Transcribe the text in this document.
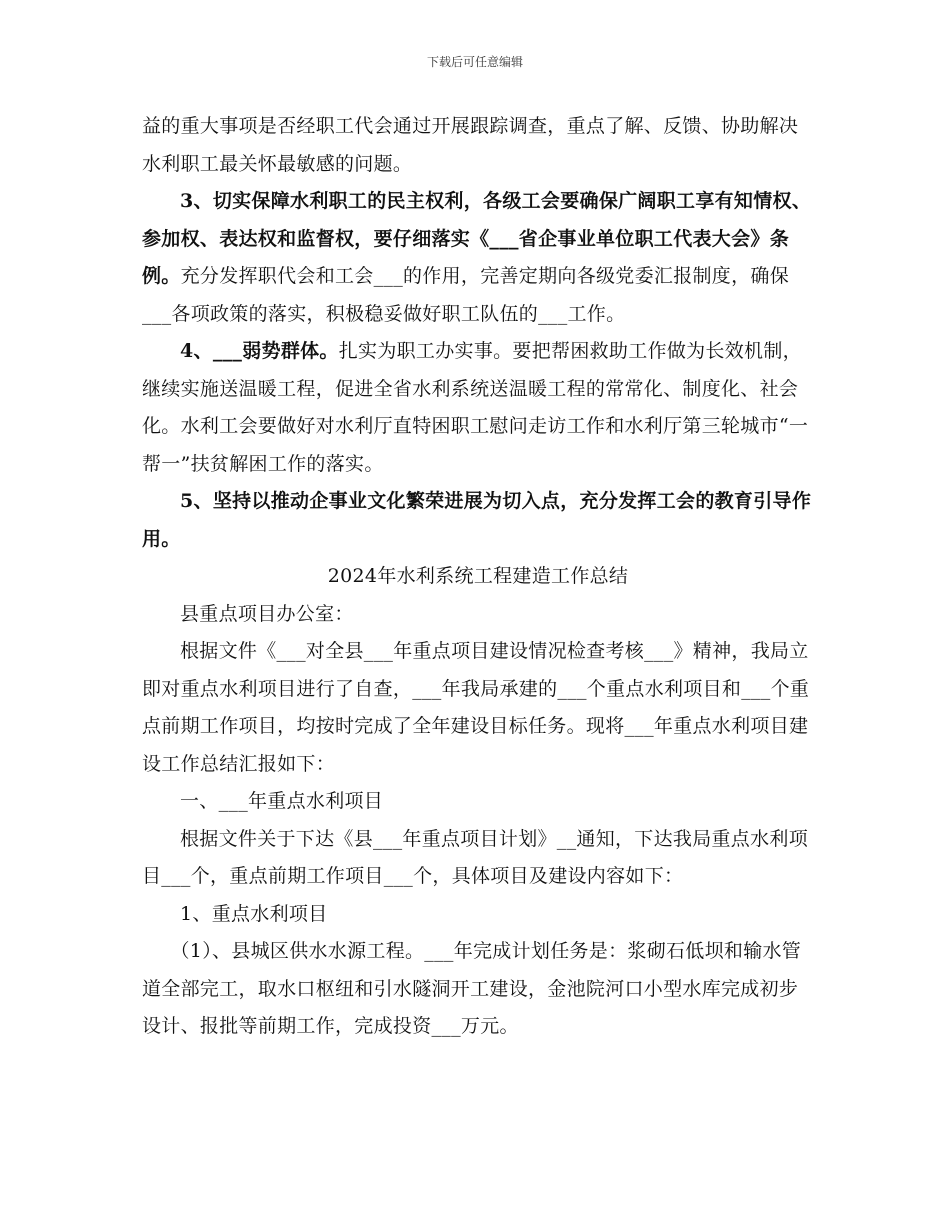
下载后可任意编辑

益的重大事项是否经职工代会通过开展跟踪调查，重点了解、反馈、协助解决水利职工最关怀最敏感的问题。

3、切实保障水利职工的民主权利，各级工会要确保广阔职工享有知情权、参加权、表达权和监督权，要仔细落实《___省企事业单位职工代表大会》条例。充分发挥职代会和工会___的作用，完善定期向各级党委汇报制度，确保___各项政策的落实，积极稳妥做好职工队伍的___工作。

4、___弱势群体。扎实为职工办实事。要把帮困救助工作做为长效机制，继续实施送温暖工程，促进全省水利系统送温暖工程的常常化、制度化、社会化。水利工会要做好对水利厅直特困职工慰问走访工作和水利厅第三轮城市“一帮一”扶贫解困工作的落实。

5、坚持以推动企事业文化繁荣进展为切入点，充分发挥工会的教育引导作用。

2024年水利系统工程建造工作总结

县重点项目办公室：

根据文件《___对全县___年重点项目建设情况检查考核___》精神，我局立即对重点水利项目进行了自查，___年我局承建的___个重点水利项目和___个重点前期工作项目，均按时完成了全年建设目标任务。现将___年重点水利项目建设工作总结汇报如下：

一、___年重点水利项目

根据文件关于下达《县___年重点项目计划》__通知，下达我局重点水利项目___个，重点前期工作项目___个，具体项目及建设内容如下：

1、重点水利项目

（1）、县城区供水水源工程。___年完成计划任务是：浆砌石低坝和输水管道全部完工，取水口枢纽和引水隧洞开工建设，金池院河口小型水库完成初步设计、报批等前期工作，完成投资___万元。
